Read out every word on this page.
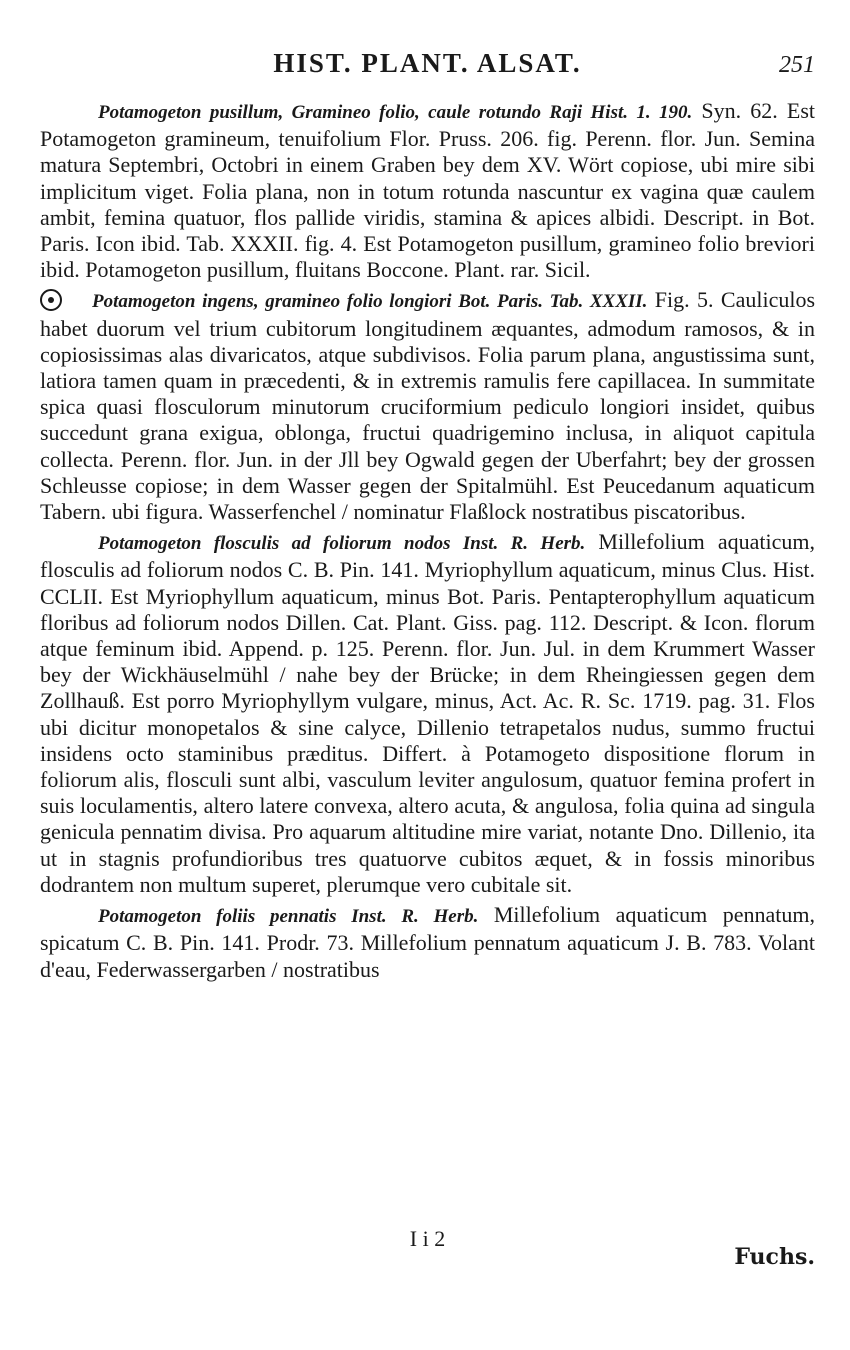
HIST. PLANT. ALSAT.	251

Potamogeton pusillum, Gramineo folio, caule rotundo Raji Hist. 1. 190. Syn. 62. Est Potamogeton gramineum, tenuifolium Flor. Pruss. 206. fig. Perenn. flor. Jun. Semina matura Septembri, Octobri in einem Graben bey dem XV. Wört copiose, ubi mire sibi implicitum viget. Folia plana, non in totum rotunda nascuntur ex vagina quæ caulem ambit, femina quatuor, flos pallide viridis, stamina & apices albidi. Descript. in Bot. Paris. Icon ibid. Tab. XXXII. fig. 4. Est Potamogeton pusillum, gramineo folio breviori ibid. Potamogeton pusillum, fluitans Boccone. Plant. rar. Sicil.

Potamogeton ingens, gramineo folio longiori Bot. Paris. Tab. XXXII. Fig. 5. Cauliculos habet duorum vel trium cubitorum longitudinem æquantes, admodum ramosos, & in copiosissimas alas divaricatos, atque subdivisos. Folia parum plana, angustissima sunt, latiora tamen quam in præcedenti, & in extremis ramulis fere capillacea. In summitate spica quasi flosculorum minutorum cruciformium pediculo longiori insidet, quibus succedunt grana exigua, oblonga, fructui quadrigemino inclusa, in aliquot capitula collecta. Perenn. flor. Jun. in der Jll bey Ogwald gegen der Uberfahrt; bey der grossen Schleusse copiose; in dem Wasser gegen der Spitalmühl. Est Peucedanum aquaticum Tabern. ubi figura. Wasserfenchel / nominatur Flaßlock nostratibus piscatoribus.

Potamogeton flosculis ad foliorum nodos Inst. R. Herb. Millefolium aquaticum, flosculis ad foliorum nodos C. B. Pin. 141. Myriophyllum aquaticum, minus Clus. Hist. CCLII. Est Myriophyllum aquaticum, minus Bot. Paris. Pentapterophyllum aquaticum floribus ad foliorum nodos Dillen. Cat. Plant. Giss. pag. 112. Descript. & Icon. florum atque feminum ibid. Append. p. 125. Perenn. flor. Jun. Jul. in dem Krummert Wasser bey der Wickhäuselmühl / nahe bey der Brücke; in dem Rheingiessen gegen dem Zollhauß. Est porro Myriophyllym vulgare, minus, Act. Ac. R. Sc. 1719. pag. 31. Flos ubi dicitur monopetalos & sine calyce, Dillenio tetrapetalos nudus, summo fructui insidens octo staminibus præditus. Differt. à Potamogeto dispositione florum in foliorum alis, flosculi sunt albi, vasculum leviter angulosum, quatuor femina profert in suis loculamentis, altero latere convexa, altero acuta, & angulosa, folia quina ad singula genicula pennatim divisa. Pro aquarum altitudine mire variat, notante Dno. Dillenio, ita ut in stagnis profundioribus tres quatuorve cubitos æquet, & in fossis minoribus dodrantem non multum superet, plerumque vero cubitale sit.

Potamogeton foliis pennatis Inst. R. Herb. Millefolium aquaticum pennatum, spicatum C. B. Pin. 141. Prodr. 73. Millefolium pennatum aquaticum J. B. 783. Volant d'eau, Federwassergarben / nostratibus

I i 2
Fuchs.
